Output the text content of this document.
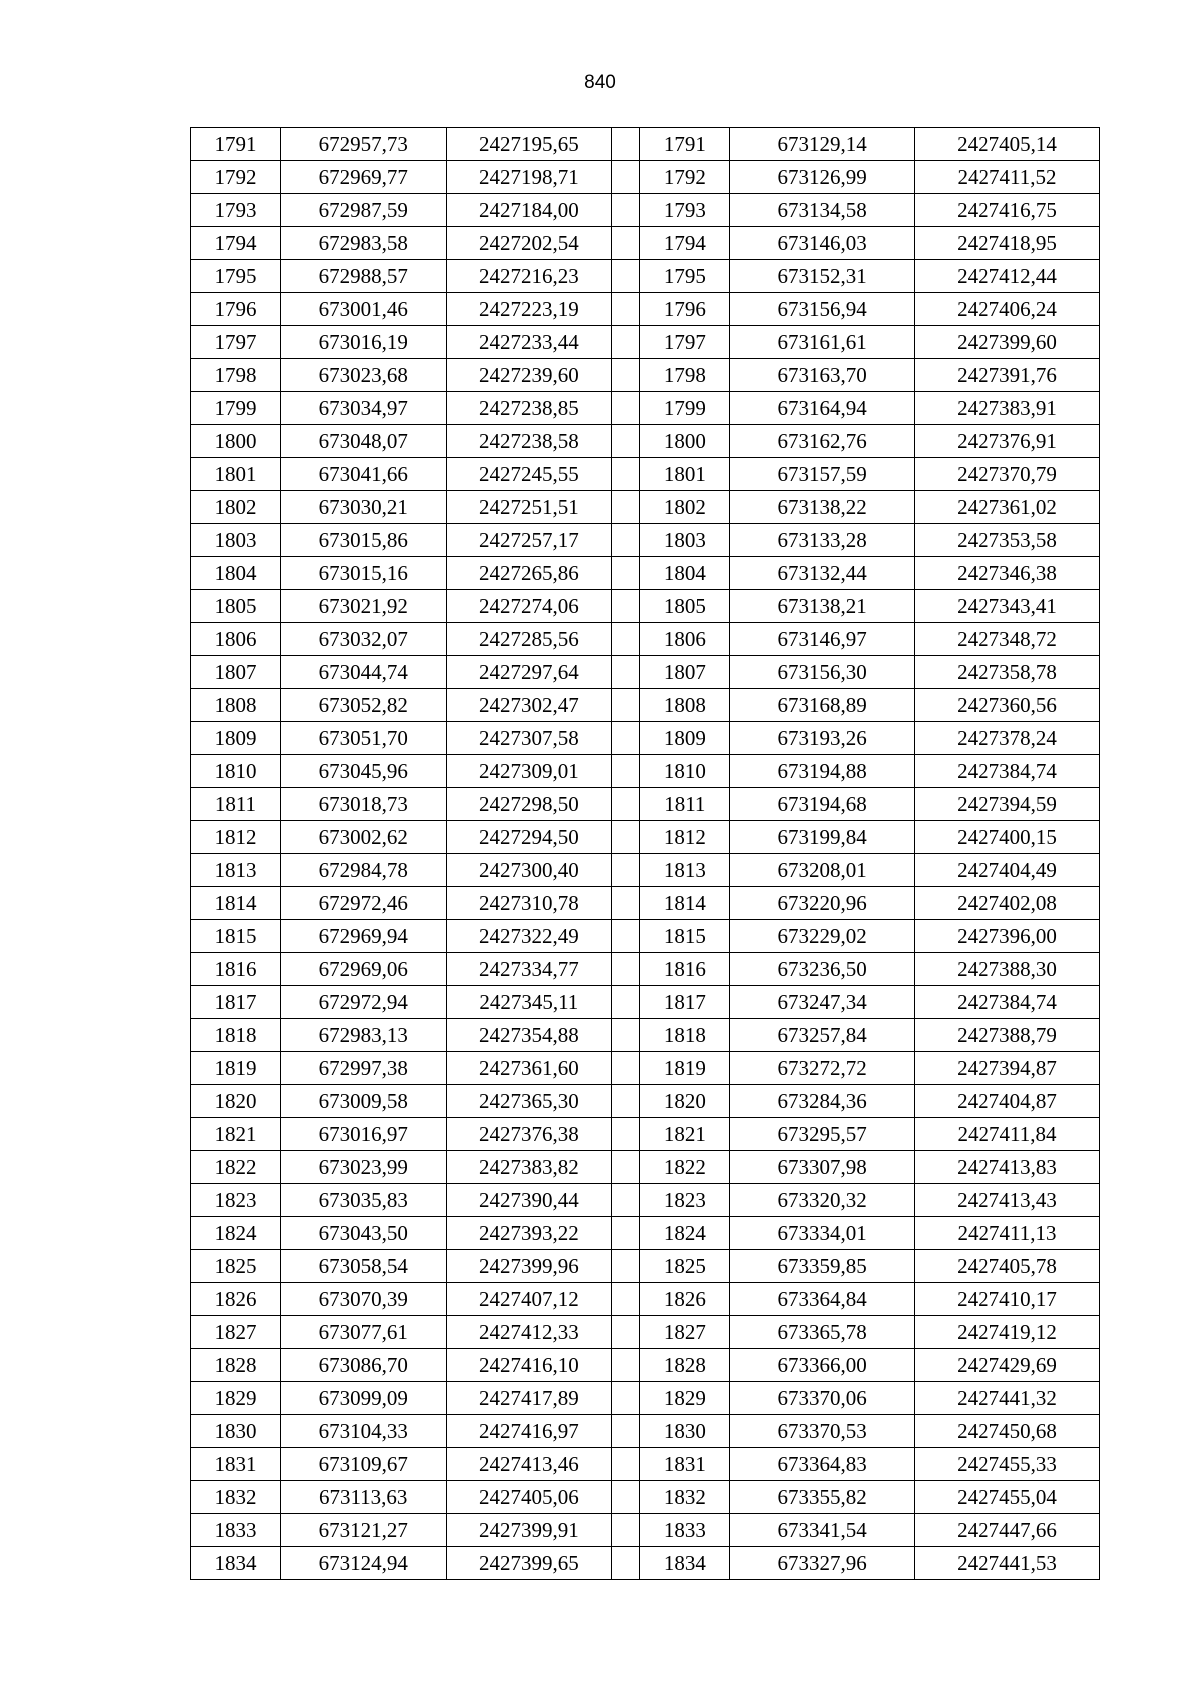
840
1791	672957,73	2427195,65		1791	673129,14	2427405,14
1792	672969,77	2427198,71		1792	673126,99	2427411,52
1793	672987,59	2427184,00		1793	673134,58	2427416,75
1794	672983,58	2427202,54		1794	673146,03	2427418,95
1795	672988,57	2427216,23		1795	673152,31	2427412,44
1796	673001,46	2427223,19		1796	673156,94	2427406,24
1797	673016,19	2427233,44		1797	673161,61	2427399,60
1798	673023,68	2427239,60		1798	673163,70	2427391,76
1799	673034,97	2427238,85		1799	673164,94	2427383,91
1800	673048,07	2427238,58		1800	673162,76	2427376,91
1801	673041,66	2427245,55		1801	673157,59	2427370,79
1802	673030,21	2427251,51		1802	673138,22	2427361,02
1803	673015,86	2427257,17		1803	673133,28	2427353,58
1804	673015,16	2427265,86		1804	673132,44	2427346,38
1805	673021,92	2427274,06		1805	673138,21	2427343,41
1806	673032,07	2427285,56		1806	673146,97	2427348,72
1807	673044,74	2427297,64		1807	673156,30	2427358,78
1808	673052,82	2427302,47		1808	673168,89	2427360,56
1809	673051,70	2427307,58		1809	673193,26	2427378,24
1810	673045,96	2427309,01		1810	673194,88	2427384,74
1811	673018,73	2427298,50		1811	673194,68	2427394,59
1812	673002,62	2427294,50		1812	673199,84	2427400,15
1813	672984,78	2427300,40		1813	673208,01	2427404,49
1814	672972,46	2427310,78		1814	673220,96	2427402,08
1815	672969,94	2427322,49		1815	673229,02	2427396,00
1816	672969,06	2427334,77		1816	673236,50	2427388,30
1817	672972,94	2427345,11		1817	673247,34	2427384,74
1818	672983,13	2427354,88		1818	673257,84	2427388,79
1819	672997,38	2427361,60		1819	673272,72	2427394,87
1820	673009,58	2427365,30		1820	673284,36	2427404,87
1821	673016,97	2427376,38		1821	673295,57	2427411,84
1822	673023,99	2427383,82		1822	673307,98	2427413,83
1823	673035,83	2427390,44		1823	673320,32	2427413,43
1824	673043,50	2427393,22		1824	673334,01	2427411,13
1825	673058,54	2427399,96		1825	673359,85	2427405,78
1826	673070,39	2427407,12		1826	673364,84	2427410,17
1827	673077,61	2427412,33		1827	673365,78	2427419,12
1828	673086,70	2427416,10		1828	673366,00	2427429,69
1829	673099,09	2427417,89		1829	673370,06	2427441,32
1830	673104,33	2427416,97		1830	673370,53	2427450,68
1831	673109,67	2427413,46		1831	673364,83	2427455,33
1832	673113,63	2427405,06		1832	673355,82	2427455,04
1833	673121,27	2427399,91		1833	673341,54	2427447,66
1834	673124,94	2427399,65		1834	673327,96	2427441,53
